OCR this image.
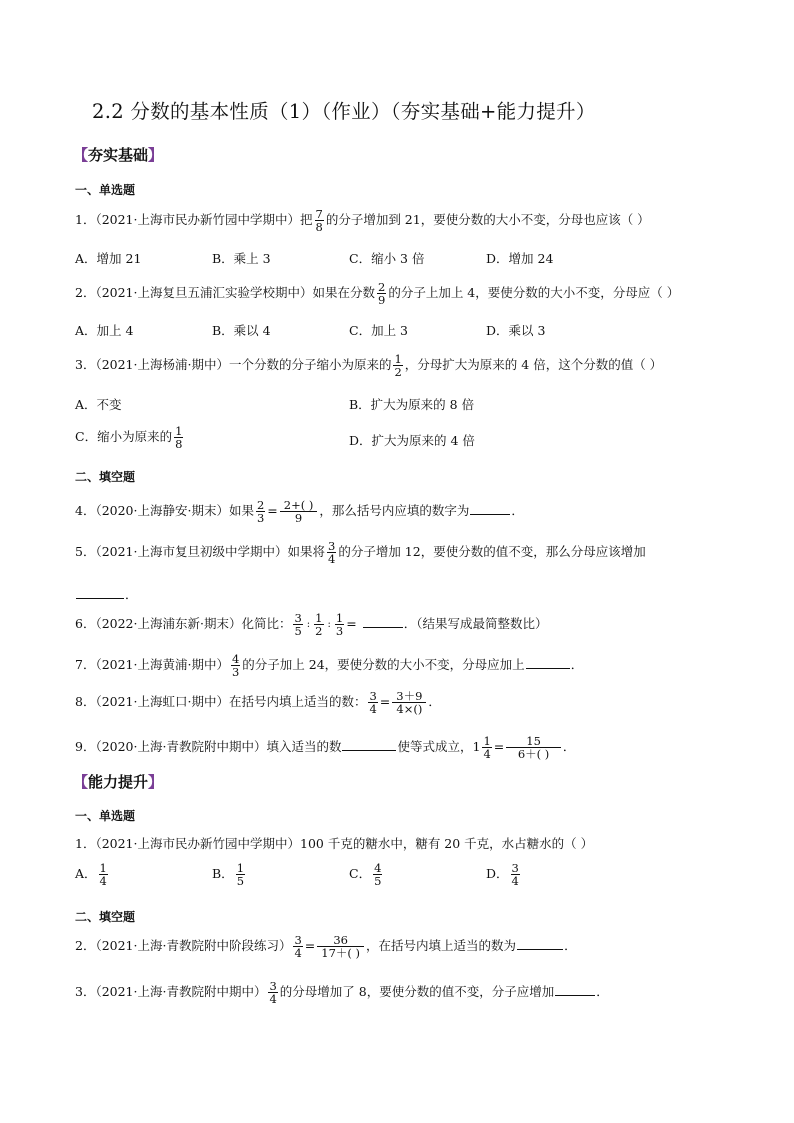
2.2 分数的基本性质（1）（作业）（夯实基础+能力提升）
【夯实基础】
一、单选题
1．（2021·上海市民办新竹园中学期中）把 $\frac{7}{8}$ 的分子增加到 21，要使分数的大小不变，分母也应该（ ）
A．增加 21	B．乘上 3	C．缩小 3 倍	D．增加 24
2．（2021·上海复旦五浦汇实验学校期中）如果在分数 $\frac{2}{9}$ 的分子上加上 4，要使分数的大小不变，分母应（ ）
A．加上 4	B．乘以 4	C．加上 3	D．乘以 3
3．（2021·上海杨浦·期中）一个分数的分子缩小为原来的 $\frac{1}{2}$ ，分母扩大为原来的 4 倍，这个分数的值（ ）
A．不变	B．扩大为原来的 8 倍
C．缩小为原来的 $\frac{1}{8}$	D．扩大为原来的 4 倍
二、填空题
4．（2020·上海静安·期末）如果 $\frac{2}{3} = \frac{2+( )}{9}$ ，那么括号内应填的数字为	．
5．（2021·上海市复旦初级中学期中）如果将 $\frac{3}{4}$ 的分子增加 12，要使分数的值不变，那么分母应该增加
．
6．（2022·上海浦东新·期末）化简比： $\frac{3}{5}$ : $\frac{1}{2}$ : $\frac{1}{3}$ =	．（结果写成最简整数比）
7．（2021·上海黄浦·期中） $\frac{4}{3}$ 的分子加上 24，要使分数的大小不变，分母应加上	．
8．（2021·上海虹口·期中）在括号内填上适当的数： $\frac{3}{4} = \frac{3+9}{4\times()}$ ．
9．（2020·上海·青教院附中期中）填入适当的数	使等式成立，$1 \frac{1}{4} = \frac{15}{6+( )}$ ．
【能力提升】
一、单选题
1．（2021·上海市民办新竹园中学期中）100 千克的糖水中，糖有 20 千克，水占糖水的（ ）
A． $\frac{1}{4}$	B． $\frac{1}{5}$	C． $\frac{4}{5}$	D． $\frac{3}{4}$
二、填空题
2．（2021·上海·青教院附中阶段练习） $\frac{3}{4} = \frac{36}{17+( )}$ ，在括号内填上适当的数为	．
3．（2021·上海·青教院附中期中） $\frac{3}{4}$ 的分母增加了 8，要使分数的值不变，分子应增加	．
